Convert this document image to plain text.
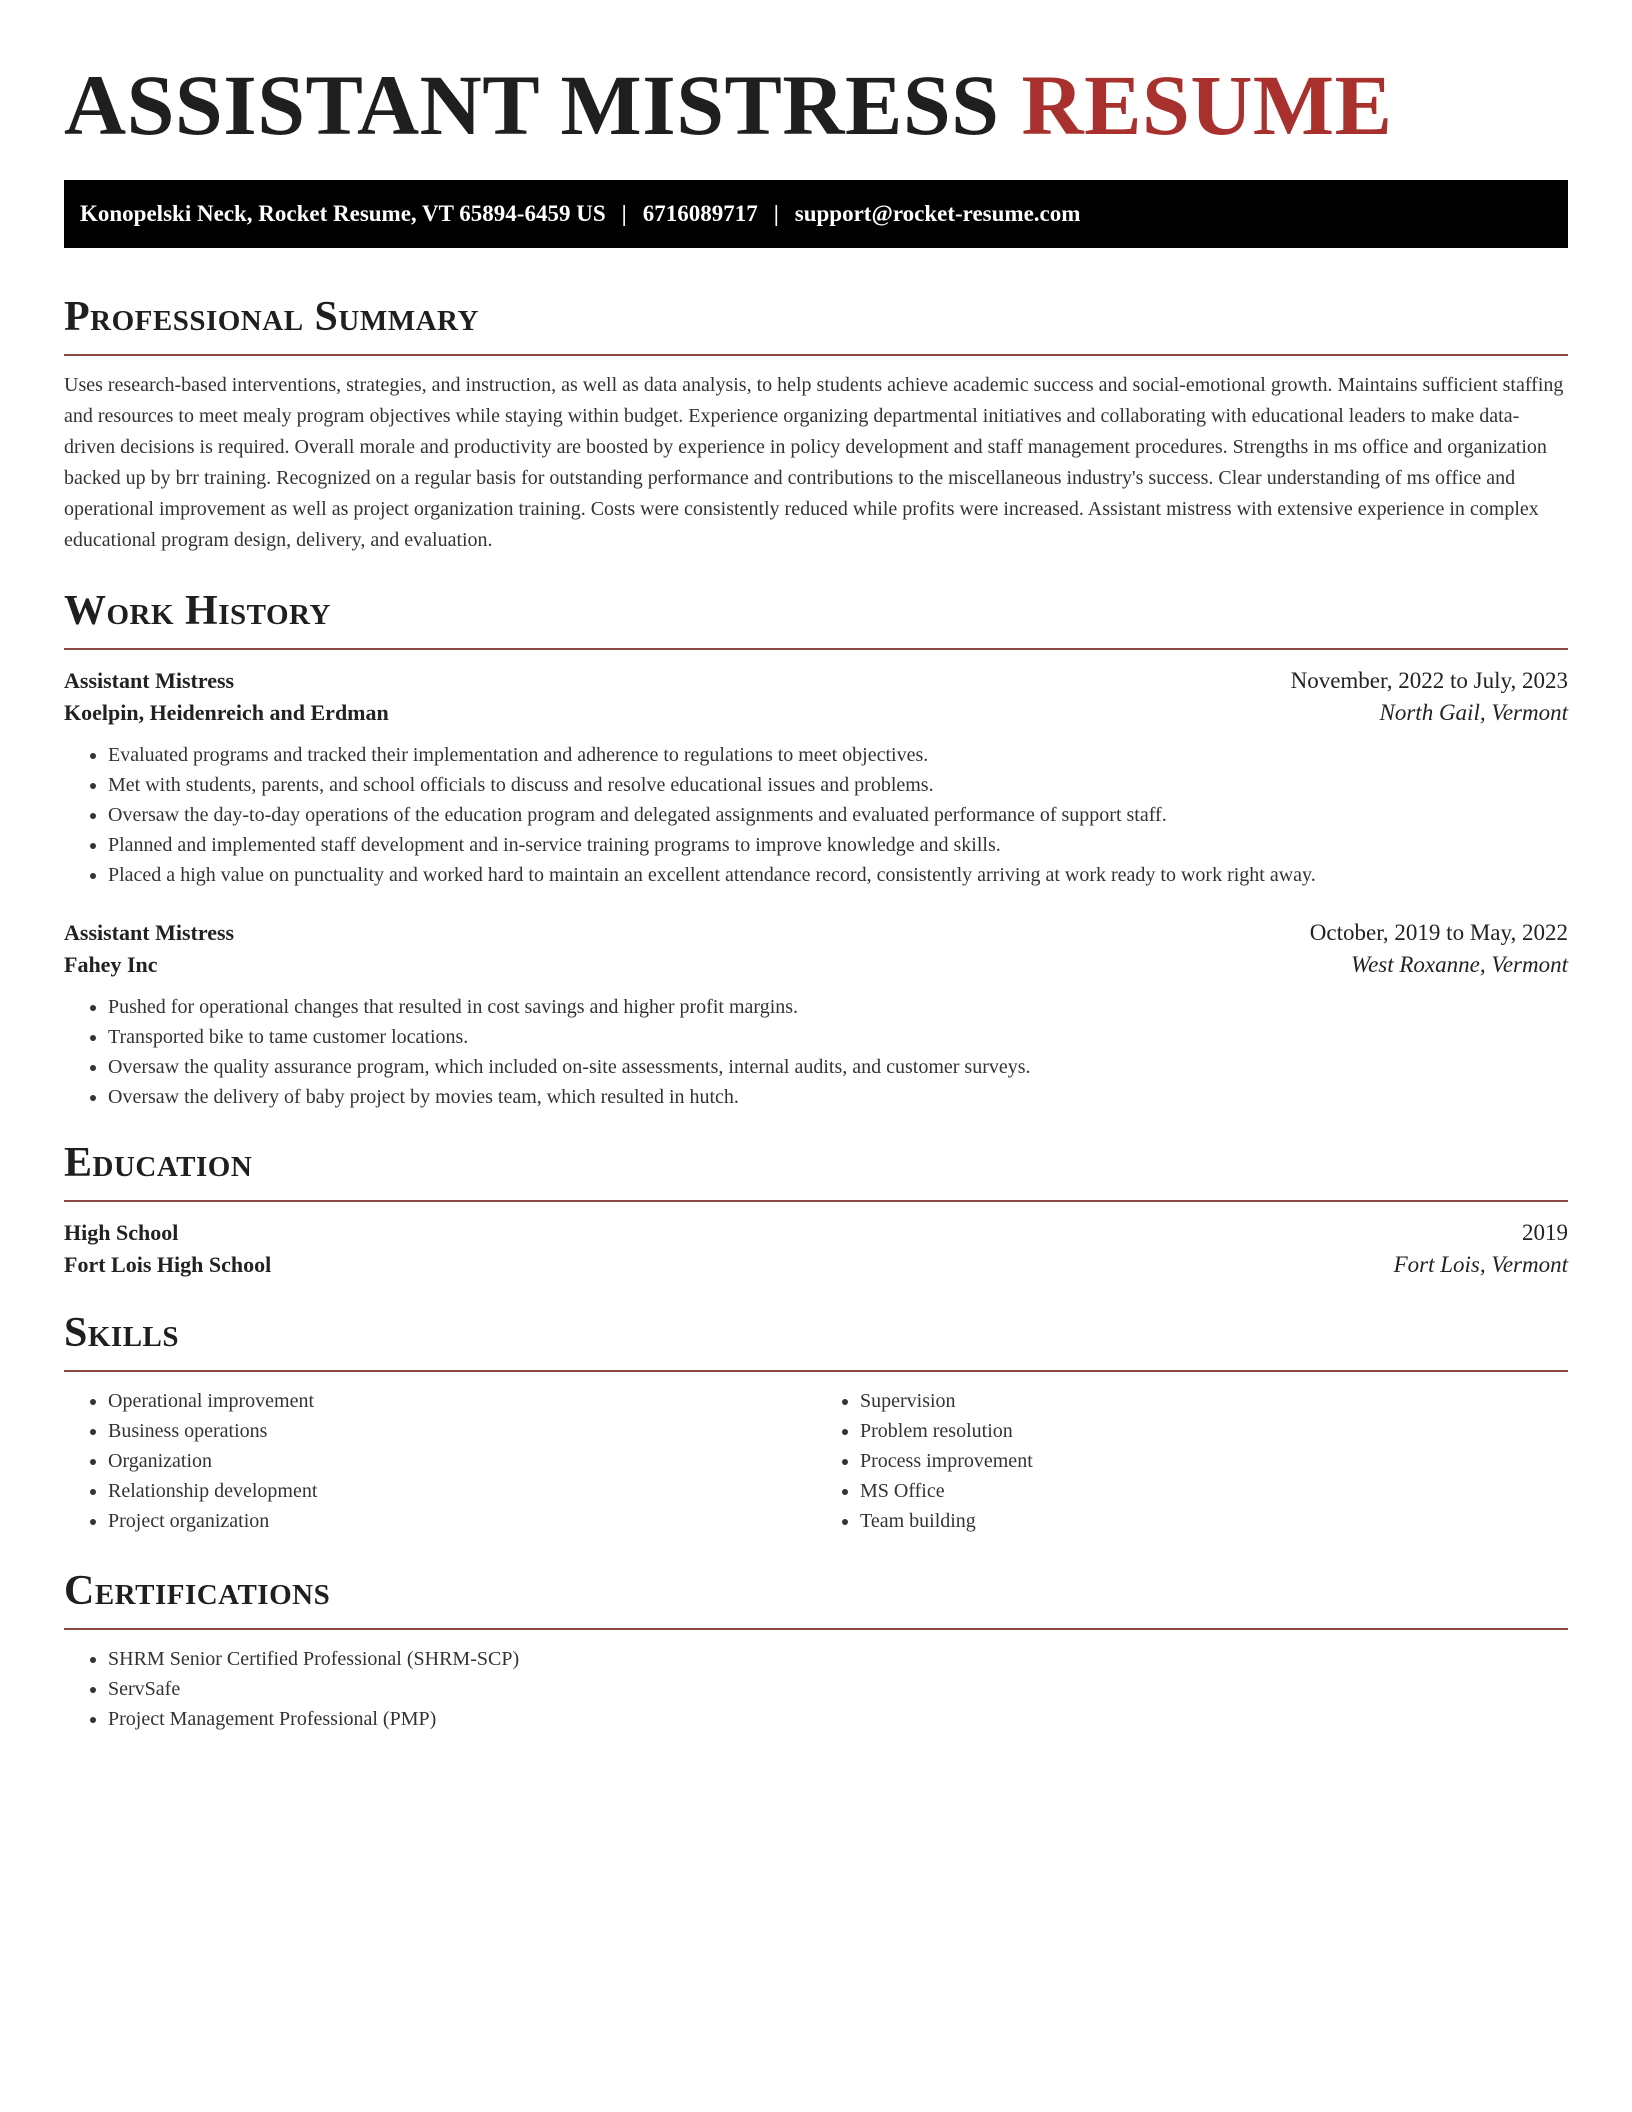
ASSISTANT MISTRESS RESUME
Konopelski Neck, Rocket Resume, VT 65894-6459 US | 6716089717 | support@rocket-resume.com
Professional Summary

Uses research-based interventions, strategies, and instruction, as well as data analysis, to help students achieve academic success and social-emotional growth. Maintains sufficient staffing and resources to meet mealy program objectives while staying within budget. Experience organizing departmental initiatives and collaborating with educational leaders to make data-driven decisions is required. Overall morale and productivity are boosted by experience in policy development and staff management procedures. Strengths in ms office and organization backed up by brr training. Recognized on a regular basis for outstanding performance and contributions to the miscellaneous industry's success. Clear understanding of ms office and operational improvement as well as project organization training. Costs were consistently reduced while profits were increased. Assistant mistress with extensive experience in complex educational program design, delivery, and evaluation.

Work History
Assistant Mistress	November, 2022 to July, 2023
Koelpin, Heidenreich and Erdman	North Gail, Vermont
• Evaluated programs and tracked their implementation and adherence to regulations to meet objectives.
• Met with students, parents, and school officials to discuss and resolve educational issues and problems.
• Oversaw the day-to-day operations of the education program and delegated assignments and evaluated performance of support staff.
• Planned and implemented staff development and in-service training programs to improve knowledge and skills.
• Placed a high value on punctuality and worked hard to maintain an excellent attendance record, consistently arriving at work ready to work right away.
Assistant Mistress	October, 2019 to May, 2022
Fahey Inc	West Roxanne, Vermont
• Pushed for operational changes that resulted in cost savings and higher profit margins.
• Transported bike to tame customer locations.
• Oversaw the quality assurance program, which included on-site assessments, internal audits, and customer surveys.
• Oversaw the delivery of baby project by movies team, which resulted in hutch.
Education
High School	2019
Fort Lois High School	Fort Lois, Vermont
Skills
• Operational improvement
• Business operations
• Organization
• Relationship development
• Project organization
• Supervision
• Problem resolution
• Process improvement
• MS Office
• Team building
Certifications
• SHRM Senior Certified Professional (SHRM-SCP)
• ServSafe
• Project Management Professional (PMP)
